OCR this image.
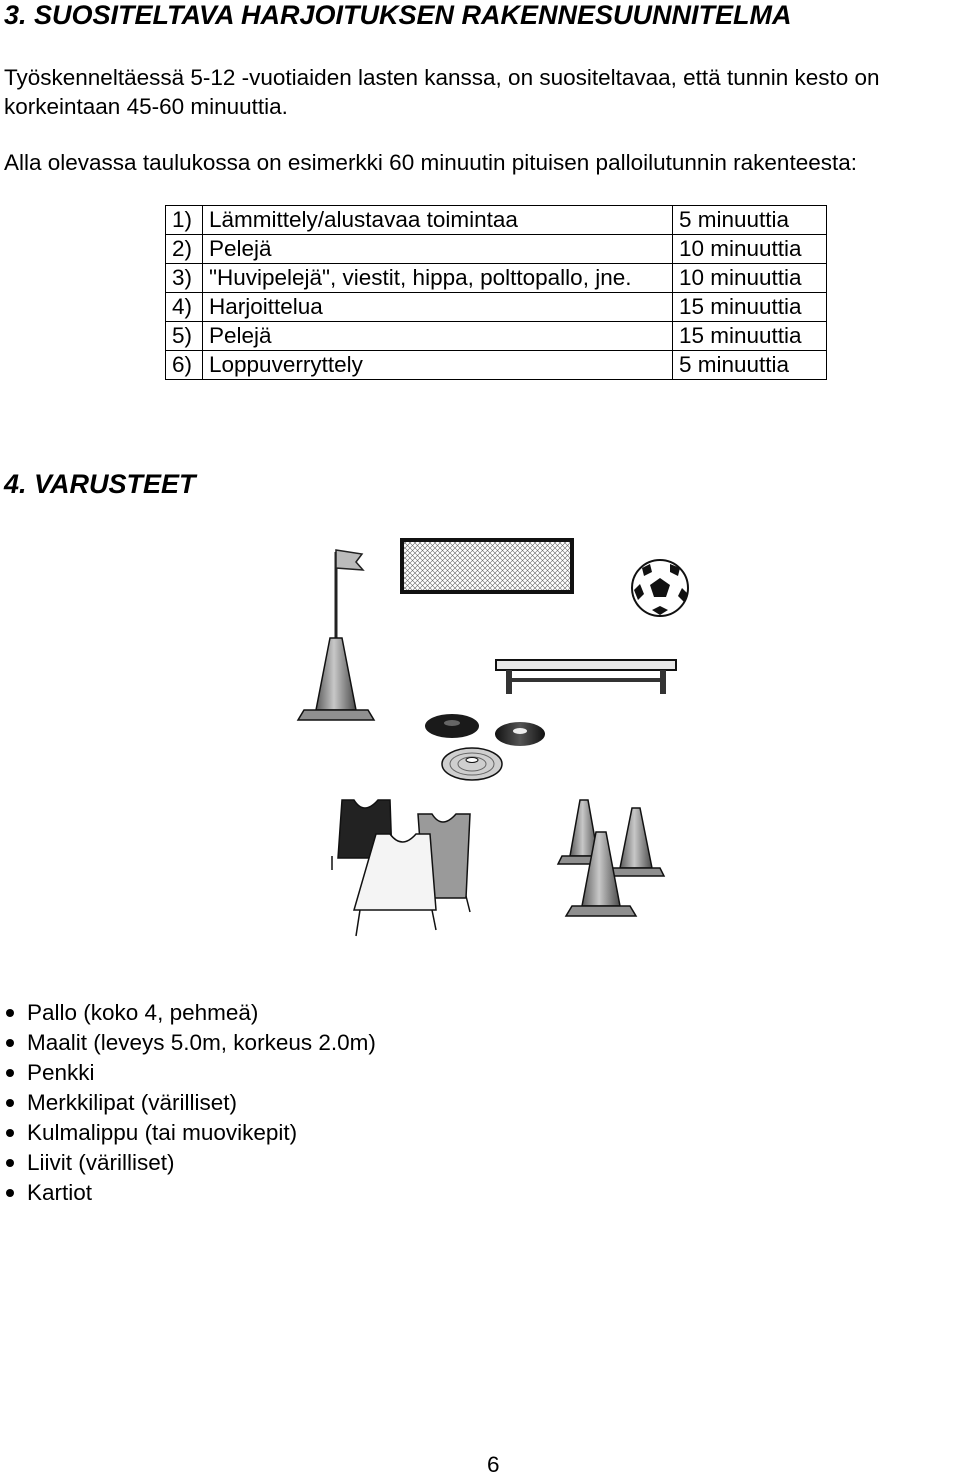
3. SUOSITELTAVA HARJOITUKSEN RAKENNESUUNNITELMA

Työskenneltäessä 5-12 -vuotiaiden lasten kanssa, on suositeltavaa, että tunnin kesto on

korkeintaan 45-60 minuuttia.

Alla olevassa taulukossa on esimerkki 60 minuutin pituisen palloilutunnin rakenteesta:

1)	Lämmittely/alustavaa toimintaa	5 minuuttia
2)	Pelejä	10 minuuttia
3)	"Huvipelejä", viestit, hippa, polttopallo, jne.	10 minuuttia
4)	Harjoittelua	15 minuuttia
5)	Pelejä	15 minuuttia
6)	Loppuverryttely	5 minuuttia
4. VARUSTEET
Pallo (koko 4, pehmeä)
Maalit (leveys 5.0m, korkeus 2.0m)
Penkki
Merkkilipat (värilliset)
Kulmalippu (tai muovikepit)
Liivit (värilliset)
Kartiot
6
